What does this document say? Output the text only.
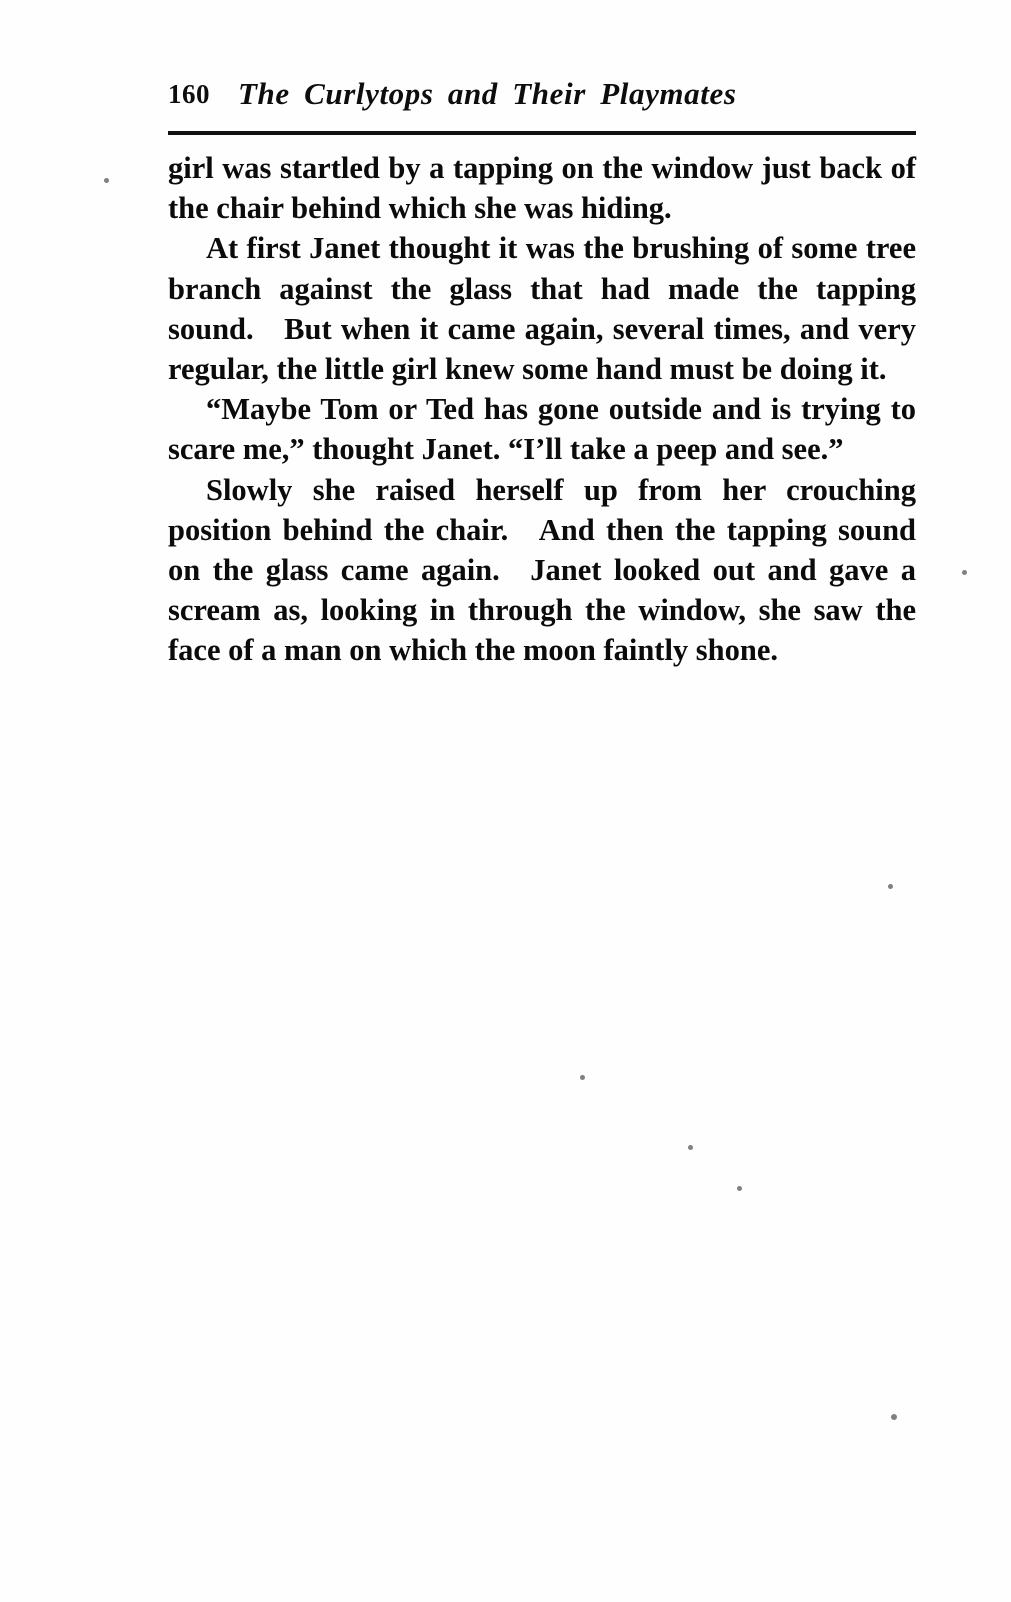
160 The Curlytops and Their Playmates

girl was startled by a tapping on the window just back of the chair behind which she was hiding.

At first Janet thought it was the brushing of some tree branch against the glass that had made the tapping sound. But when it came again, several times, and very regular, the little girl knew some hand must be doing it.

“Maybe Tom or Ted has gone outside and is trying to scare me,” thought Janet. “I’ll take a peep and see.”

Slowly she raised herself up from her crouching position behind the chair. And then the tapping sound on the glass came again. Janet looked out and gave a scream as, looking in through the window, she saw the face of a man on which the moon faintly shone.
